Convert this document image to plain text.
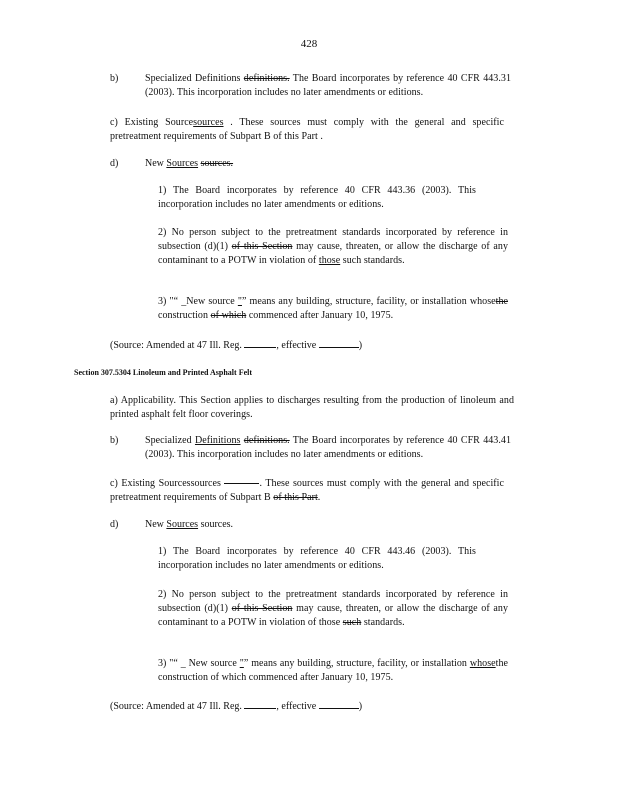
428
b)	Specialized Definitions definitions. The Board incorporates by reference 40 CFR 443.31 (2003). This incorporation includes no later amendments or editions.
c) Existing Sourcesources . These sources must comply with the general and specific pretreatment requirements of Subpart B of this Part .
d)	New Sources sources.
1) The Board incorporates by reference 40 CFR 443.36 (2003). This incorporation includes no later amendments or editions.
2) No person subject to the pretreatment standards incorporated by reference in subsection (d)(1) of this Section may cause, threaten, or allow the discharge of any contaminant to a POTW in violation of those such standards.
3) "“ _New source "” means any building, structure, facility, or installation whosethe construction of which commenced after January 10, 1975.
(Source: Amended at 47 Ill. Reg.	, effective	)
Section 307.5304 Linoleum and Printed Asphalt Felt
a) Applicability. This Section applies to discharges resulting from the production of linoleum and printed asphalt felt floor coverings.
b)	Specialized Definitions definitions. The Board incorporates by reference 40 CFR 443.41 (2003). This incorporation includes no later amendments or editions.
c) Existing Sourcessources	. These sources must comply with the general and specific pretreatment requirements of Subpart B of this Part.
d)	New Sources sources.
1) The Board incorporates by reference 40 CFR 443.46 (2003). This incorporation includes no later amendments or editions.
2) No person subject to the pretreatment standards incorporated by reference in subsection (d)(1) of this Section may cause, threaten, or allow the discharge of any contaminant to a POTW in violation of those such standards.
3) "“ _ New source "” means any building, structure, facility, or installation whosethe construction of which commenced after January 10, 1975.
(Source: Amended at 47 Ill. Reg.	, effective	)
